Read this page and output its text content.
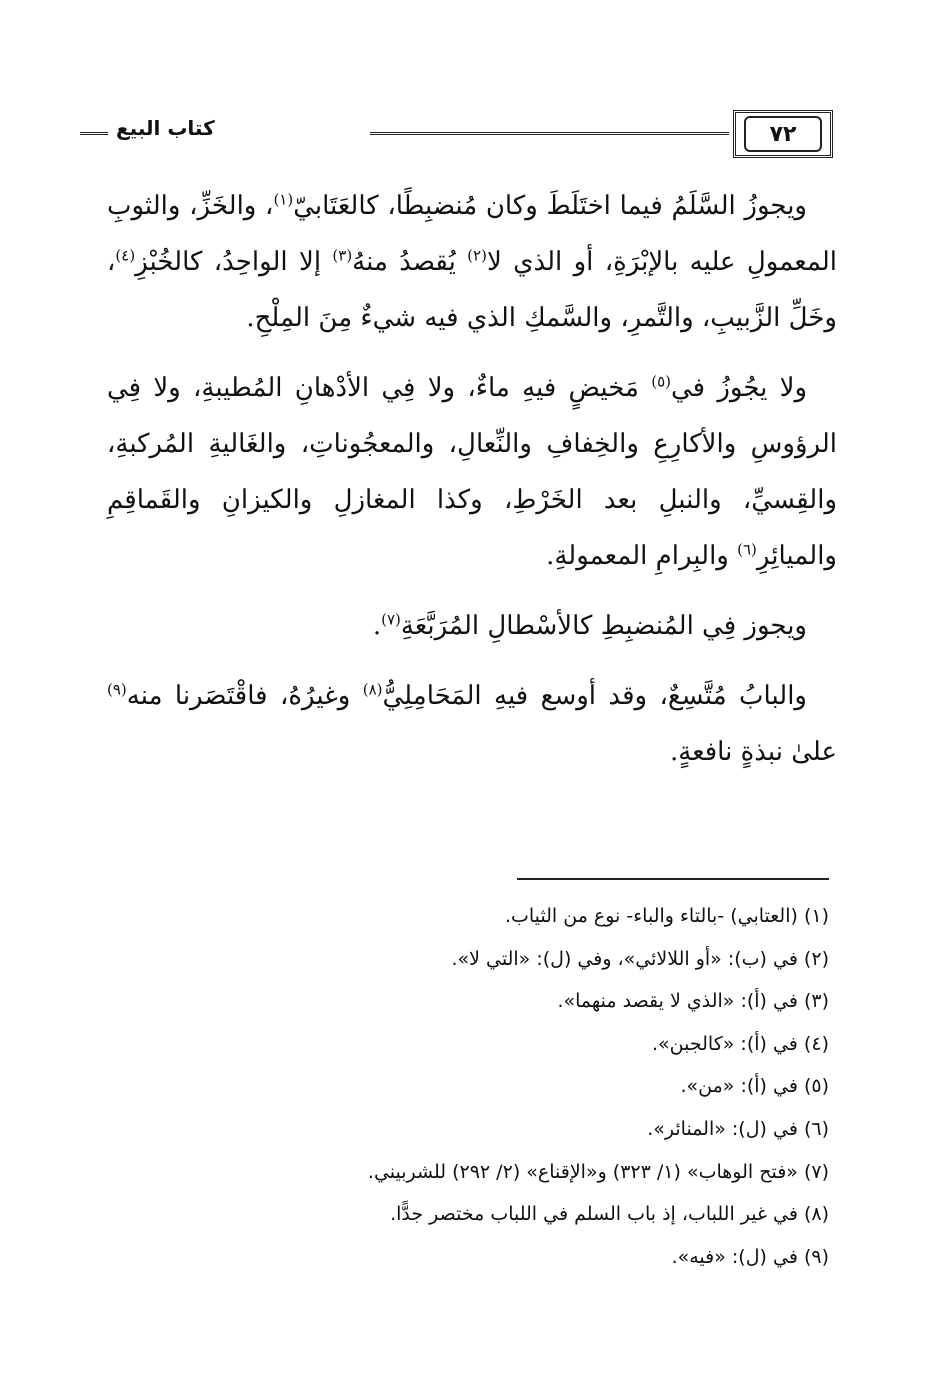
٧٢
كتاب البيع

ويجوزُ السَّلَمُ فيما اختَلَطَ وكان مُنضبِطًا، كالعَتَابيّ$^{(١)}$، والخَزِّ، والثوبِ المعمولِ عليه بالإبْرَةِ، أو الذي لا$^{(٢)}$ يُقصدُ منهُ$^{(٣)}$ إلا الواحِدُ، كالخُبْزِ$^{(٤)}$، وخَلِّ الزَّبيبِ، والتَّمرِ، والسَّمكِ الذي فيه شيءٌ مِنَ المِلْحِ.

ولا يجُوزُ في$^{(٥)}$ مَخيضٍ فيهِ ماءٌ، ولا فِي الأدْهانِ المُطيبةِ، ولا فِي الرؤوسِ والأكارِعِ والخِفافِ والنِّعالِ، والمعجُوناتِ، والغَاليةِ المُركبةِ، والقِسيِّ، والنبلِ بعد الخَرْطِ، وكذا المغازلِ والكيزانِ والقَماقِمِ والميائِرِ$^{(٦)}$ والبِرامِ المعمولةِ.

ويجوز فِي المُنضبِطِ كالأسْطالِ المُرَبَّعَةِ$^{(٧)}$.

والبابُ مُتَّسِعٌ، وقد أوسع فيهِ المَحَامِلِيُّ$^{(٨)}$ وغيرُهُ، فاقْتَصَرنا منه$^{(٩)}$ علىٰ نبذةٍ نافعةٍ.

(١) (العتابي) -بالتاء والباء- نوع من الثياب.
(٢) في (ب): «أو اللالائي»، وفي (ل): «التي لا».
(٣) في (أ): «الذي لا يقصد منهما».
(٤) في (أ): «كالجبن».
(٥) في (أ): «من».
(٦) في (ل): «المنائر».
(٧) «فتح الوهاب» (١/ ٣٢٣) و«الإقناع» (٢/ ٢٩٢) للشربيني.
(٨) في غير اللباب، إذ باب السلم في اللباب مختصر جدًّا.
(٩) في (ل): «فيه».
